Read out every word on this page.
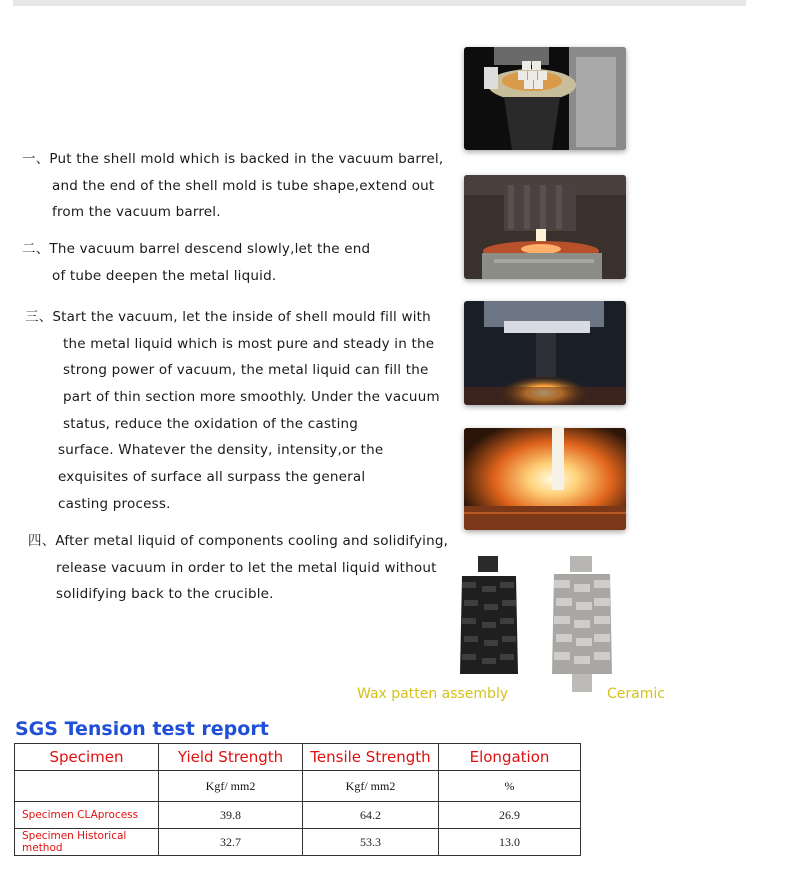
一、Put the shell mold which is backed in the vacuum barrel,
and the end of the shell mold is tube shape,extend out
from the vacuum barrel.
二、The vacuum barrel descend slowly,let the end
of tube deepen the metal liquid.
三、Start the vacuum, let the inside of shell mould fill with
the metal liquid which is most pure and steady in the
strong power of vacuum, the metal liquid can fill the
part of thin section more smoothly. Under the vacuum
status, reduce the oxidation of the casting
surface. Whatever the density, intensity,or the
exquisites of surface all surpass the general
casting process.
四、After metal liquid of components cooling and solidifying,
release vacuum in order to let the metal liquid without
solidifying back to the crucible.
Wax patten assembly	Ceramic
SGS Tension test report
Specimen	Yield Strength	Tensile Strength	Elongation
	Kgf/ mm2	Kgf/ mm2	%
Specimen CLAprocess	39.8	64.2	26.9
Specimen Historical method	32.7	53.3	13.0
